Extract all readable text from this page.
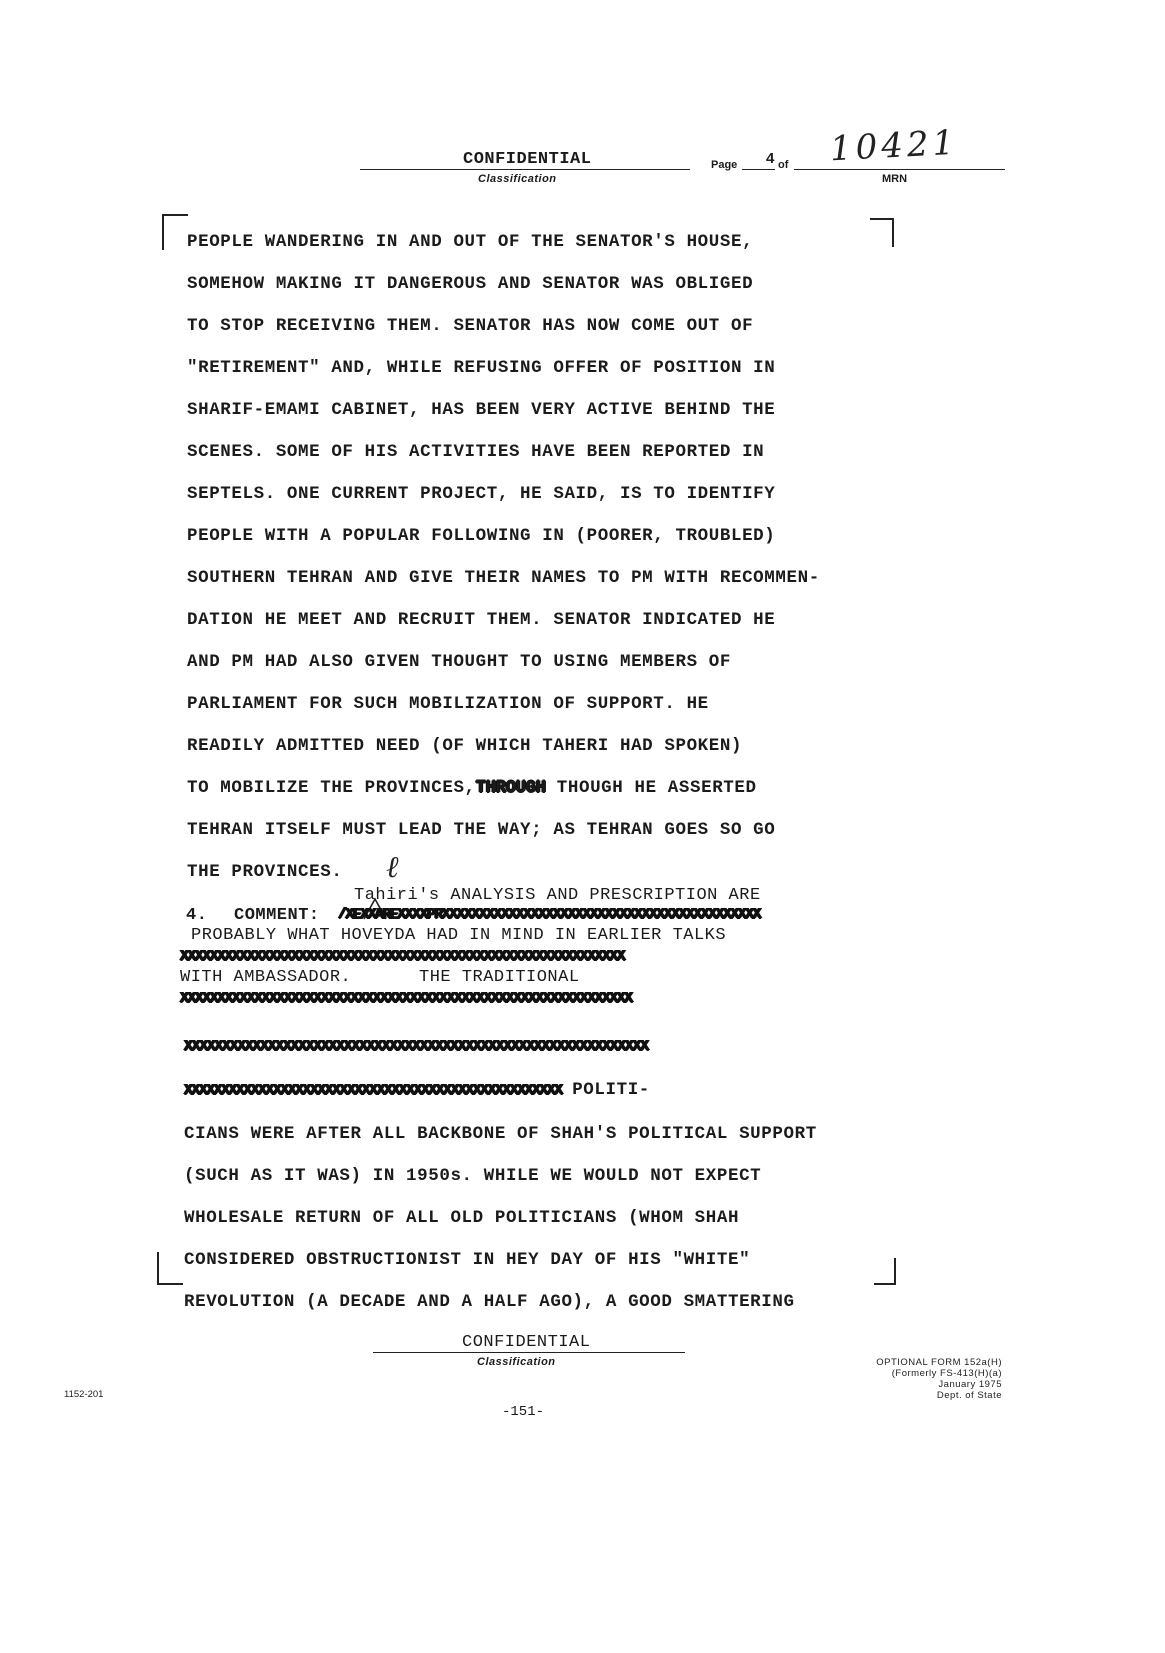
CONFIDENTIAL
Classification
Page 4 of 10421
MRN
PEOPLE WANDERING IN AND OUT OF THE SENATOR'S HOUSE,
SOMEHOW MAKING IT DANGEROUS AND SENATOR WAS OBLIGED
TO STOP RECEIVING THEM. SENATOR HAS NOW COME OUT OF
"RETIREMENT" AND, WHILE REFUSING OFFER OF POSITION IN
SHARIF-EMAMI CABINET, HAS BEEN VERY ACTIVE BEHIND THE
SCENES. SOME OF HIS ACTIVITIES HAVE BEEN REPORTED IN
SEPTELS. ONE CURRENT PROJECT, HE SAID, IS TO IDENTIFY
PEOPLE WITH A POPULAR FOLLOWING IN (POORER, TROUBLED)
SOUTHERN TEHRAN AND GIVE THEIR NAMES TO PM WITH RECOMMEN-
DATION HE MEET AND RECRUIT THEM. SENATOR INDICATED HE
AND PM HAD ALSO GIVEN THOUGHT TO USING MEMBERS OF
PARLIAMENT FOR SUCH MOBILIZATION OF SUPPORT. HE
READILY ADMITTED NEED (OF WHICH TAHERI HAD SPOKEN)
TO MOBILIZE THE PROVINCES,THROUGH THOUGH HE ASSERTED
TEHRAN ITSELF MUST LEAD THE WAY; AS TEHRAN GOES SO GO
THE PROVINCES. ℓ
Tahiri's ANALYSIS AND PRESCRIPTION ARE
4. COMMENT: /XEXXAREXXXXPRXXXXXXXXXXXXXXXXXXXXXXXXXXXXXXXXXXXXXXXXXXX
PROBABLY WHAT HOVEYDA HAD IN MIND IN EARLIER TALKS
XXXXXXXXXXXXXXXXXXXXXXXXXXXXXXXXXXXXXXXXXXXXXXXXXXXXXXXXXXXX
WITH AMBASSADOR.	THE TRADITIONAL
XXXXXXXXXXXXXXXXXXXXXXXXXXXXXXXXXXXXXXXXXXXXXXXXXXXXXXXXXXXXX
XXXXXXXXXXXXXXXXXXXXXXXXXXXXXXXXXXXXXXXXXXXXXXXXXXXXXXXXXXXXX
XXXXXXXXXXXXXXXXXXXXXXXXXXXXXXXXXXXXXXXXXXXXXXXXXXX POLITI-
CIANS WERE AFTER ALL BACKBONE OF SHAH'S POLITICAL SUPPORT
(SUCH AS IT WAS) IN 1950s. WHILE WE WOULD NOT EXPECT
WHOLESALE RETURN OF ALL OLD POLITICIANS (WHOM SHAH
CONSIDERED OBSTRUCTIONIST IN HEY DAY OF HIS "WHITE"
REVOLUTION (A DECADE AND A HALF AGO), A GOOD SMATTERING
CONFIDENTIAL
Classification
1152-201
-151-
OPTIONAL FORM 152a(H)
(Formerly FS-413(H)(a)
January 1975
Dept. of State
